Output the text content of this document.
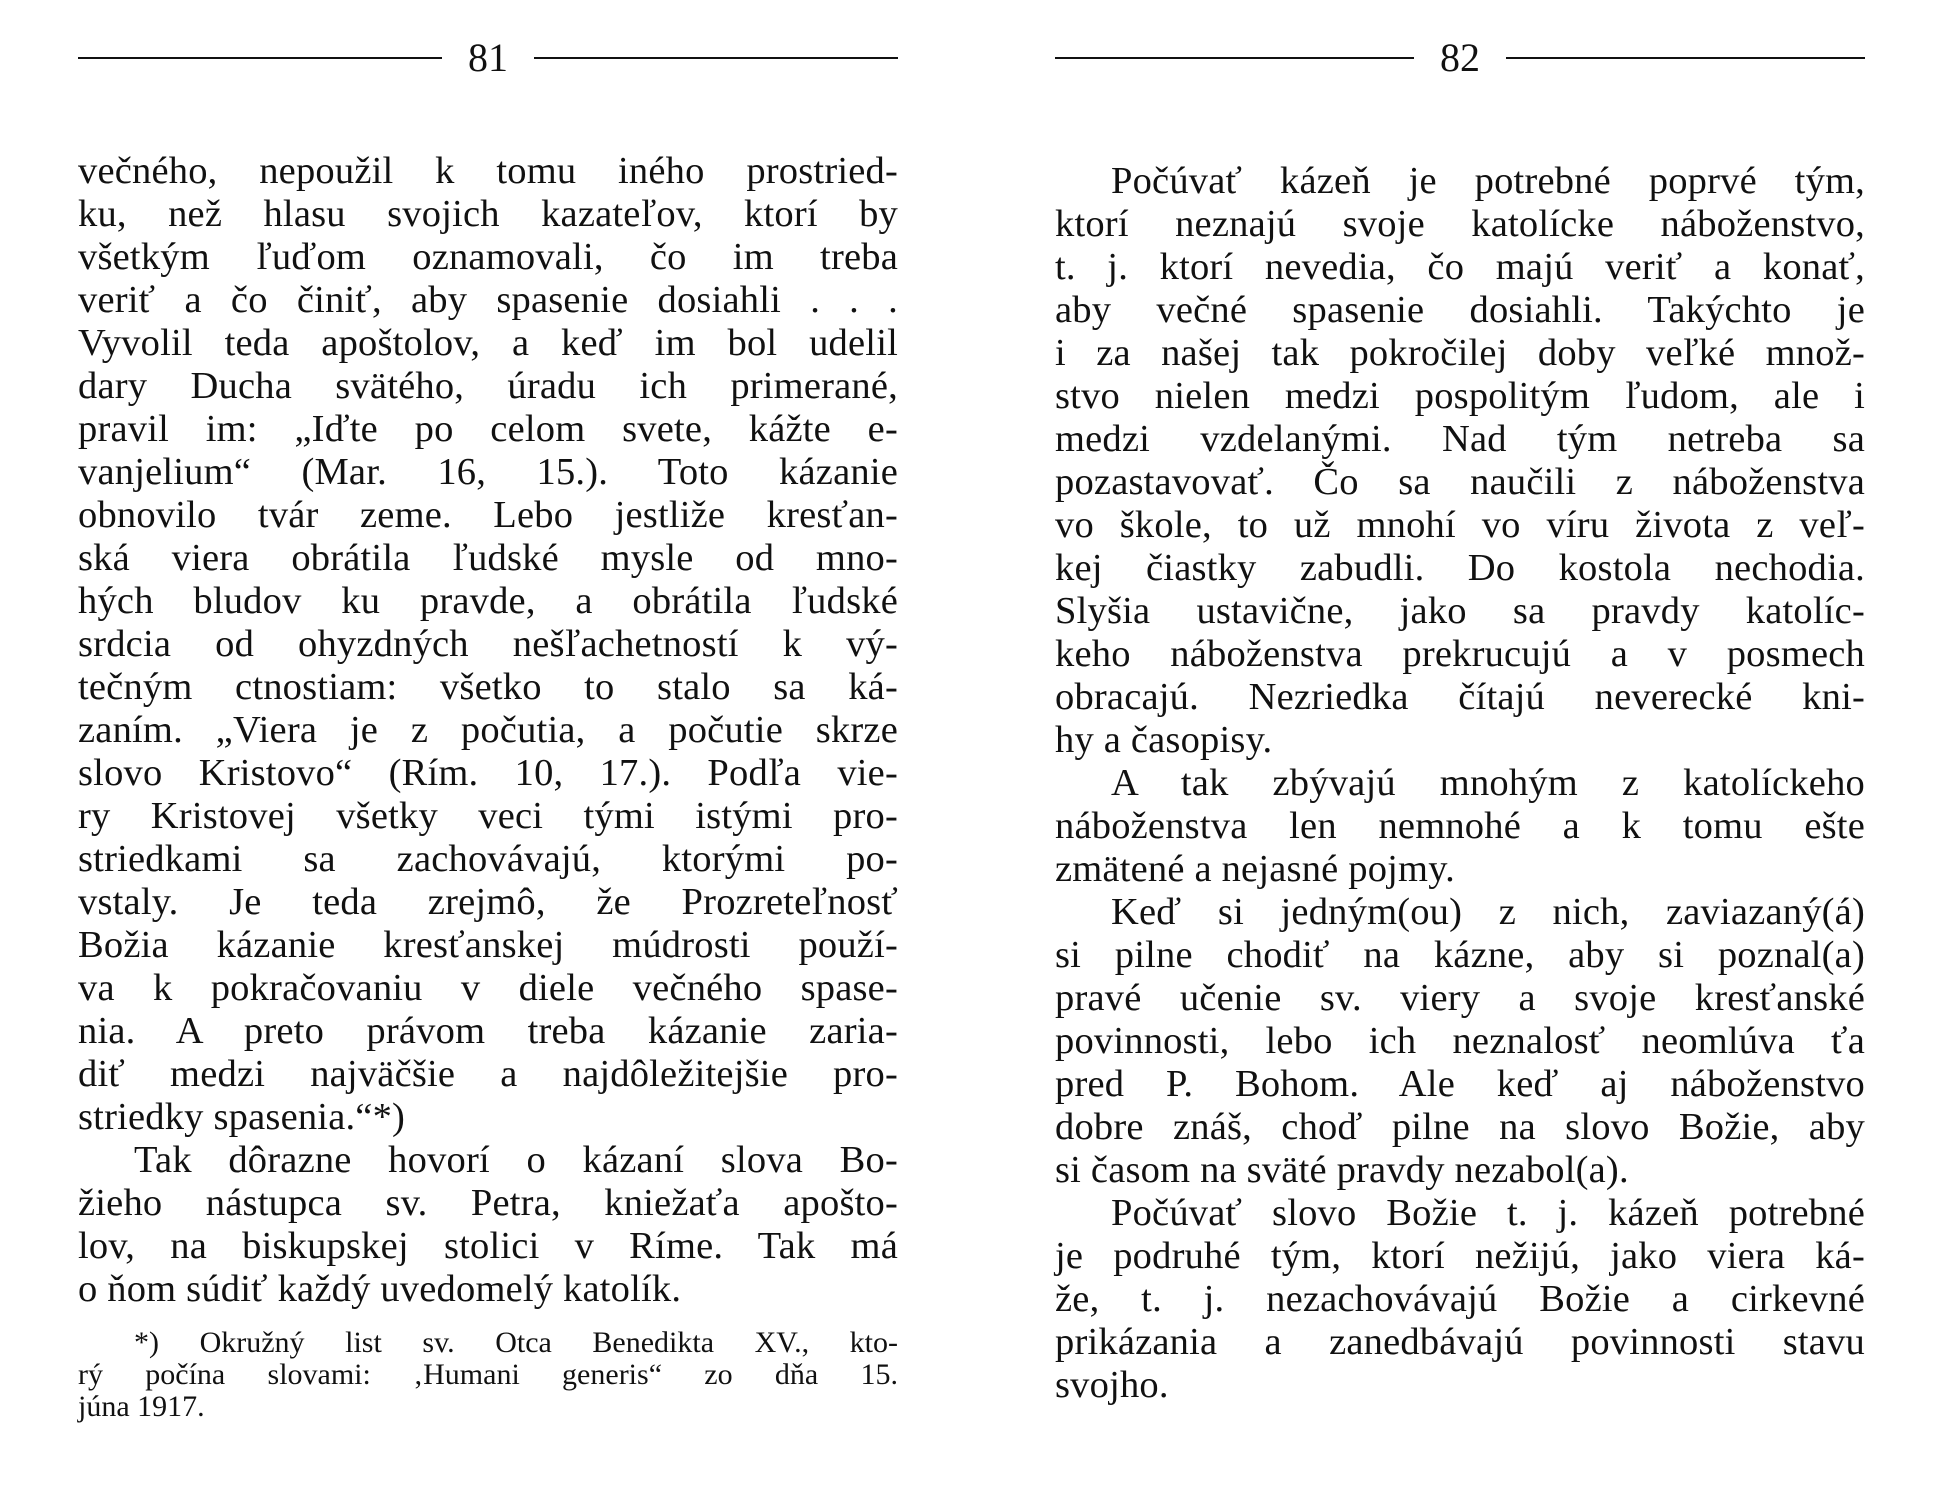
81
večného, nepoužil k tomu iného prostried-
ku, než hlasu svojich kazateľov, ktorí by
všetkým ľuďom oznamovali, čo im treba
veriť a čo činiť, aby spasenie dosiahli . . .
Vyvolil teda apoštolov, a keď im bol udelil
dary Ducha svätého, úradu ich primerané,
pravil im: „Iďte po celom svete, kážte e-
vanjelium“ (Mar. 16, 15.). Toto kázanie
obnovilo tvár zeme. Lebo jestliže kresťan-
ská viera obrátila ľudské mysle od mno-
hých bludov ku pravde, a obrátila ľudské
srdcia od ohyzdných nešľachetností k vý-
tečným ctnostiam: všetko to stalo sa ká-
zaním. „Viera je z počutia, a počutie skrze
slovo Kristovo“ (Rím. 10, 17.). Podľa vie-
ry Kristovej všetky veci tými istými pro-
striedkami sa zachovávajú, ktorými po-
vstaly. Je teda zrejmô, že Prozreteľnosť
Božia kázanie kresťanskej múdrosti použí-
va k pokračovaniu v diele večného spase-
nia. A preto právom treba kázanie zaria-
diť medzi najväčšie a najdôležitejšie pro-
striedky spasenia.“*)
Tak dôrazne hovorí o kázaní slova Bo-
žieho nástupca sv. Petra, kniežaťa apošto-
lov, na biskupskej stolici v Ríme. Tak má
o ňom súdiť každý uvedomelý katolík.
*) Okružný list sv. Otca Benedikta XV., kto-
rý počína slovami: ‚Humani generis“ zo dňa 15.
júna 1917.
82
Počúvať kázeň je potrebné poprvé tým,
ktorí neznajú svoje katolícke náboženstvo,
t. j. ktorí nevedia, čo majú veriť a konať,
aby večné spasenie dosiahli. Takýchto je
i za našej tak pokročilej doby veľké množ-
stvo nielen medzi pospolitým ľudom, ale i
medzi vzdelanými. Nad tým netreba sa
pozastavovať. Čo sa naučili z náboženstva
vo škole, to už mnohí vo víru života z veľ-
kej čiastky zabudli. Do kostola nechodia.
Slyšia ustavične, jako sa pravdy katolíc-
keho náboženstva prekrucujú a v posmech
obracajú. Nezriedka čítajú neverecké kni-
hy a časopisy.
A tak zbývajú mnohým z katolíckeho
náboženstva len nemnohé a k tomu ešte
zmätené a nejasné pojmy.
Keď si jedným(ou) z nich, zaviazaný(á)
si pilne chodiť na kázne, aby si poznal(a)
pravé učenie sv. viery a svoje kresťanské
povinnosti, lebo ich neznalosť neomlúva ťa
pred P. Bohom. Ale keď aj náboženstvo
dobre znáš, choď pilne na slovo Božie, aby
si časom na sväté pravdy nezabol(a).
Počúvať slovo Božie t. j. kázeň potrebné
je podruhé tým, ktorí nežijú, jako viera ká-
že, t. j. nezachovávajú Božie a cirkevné
prikázania a zanedbávajú povinnosti stavu
svojho.
